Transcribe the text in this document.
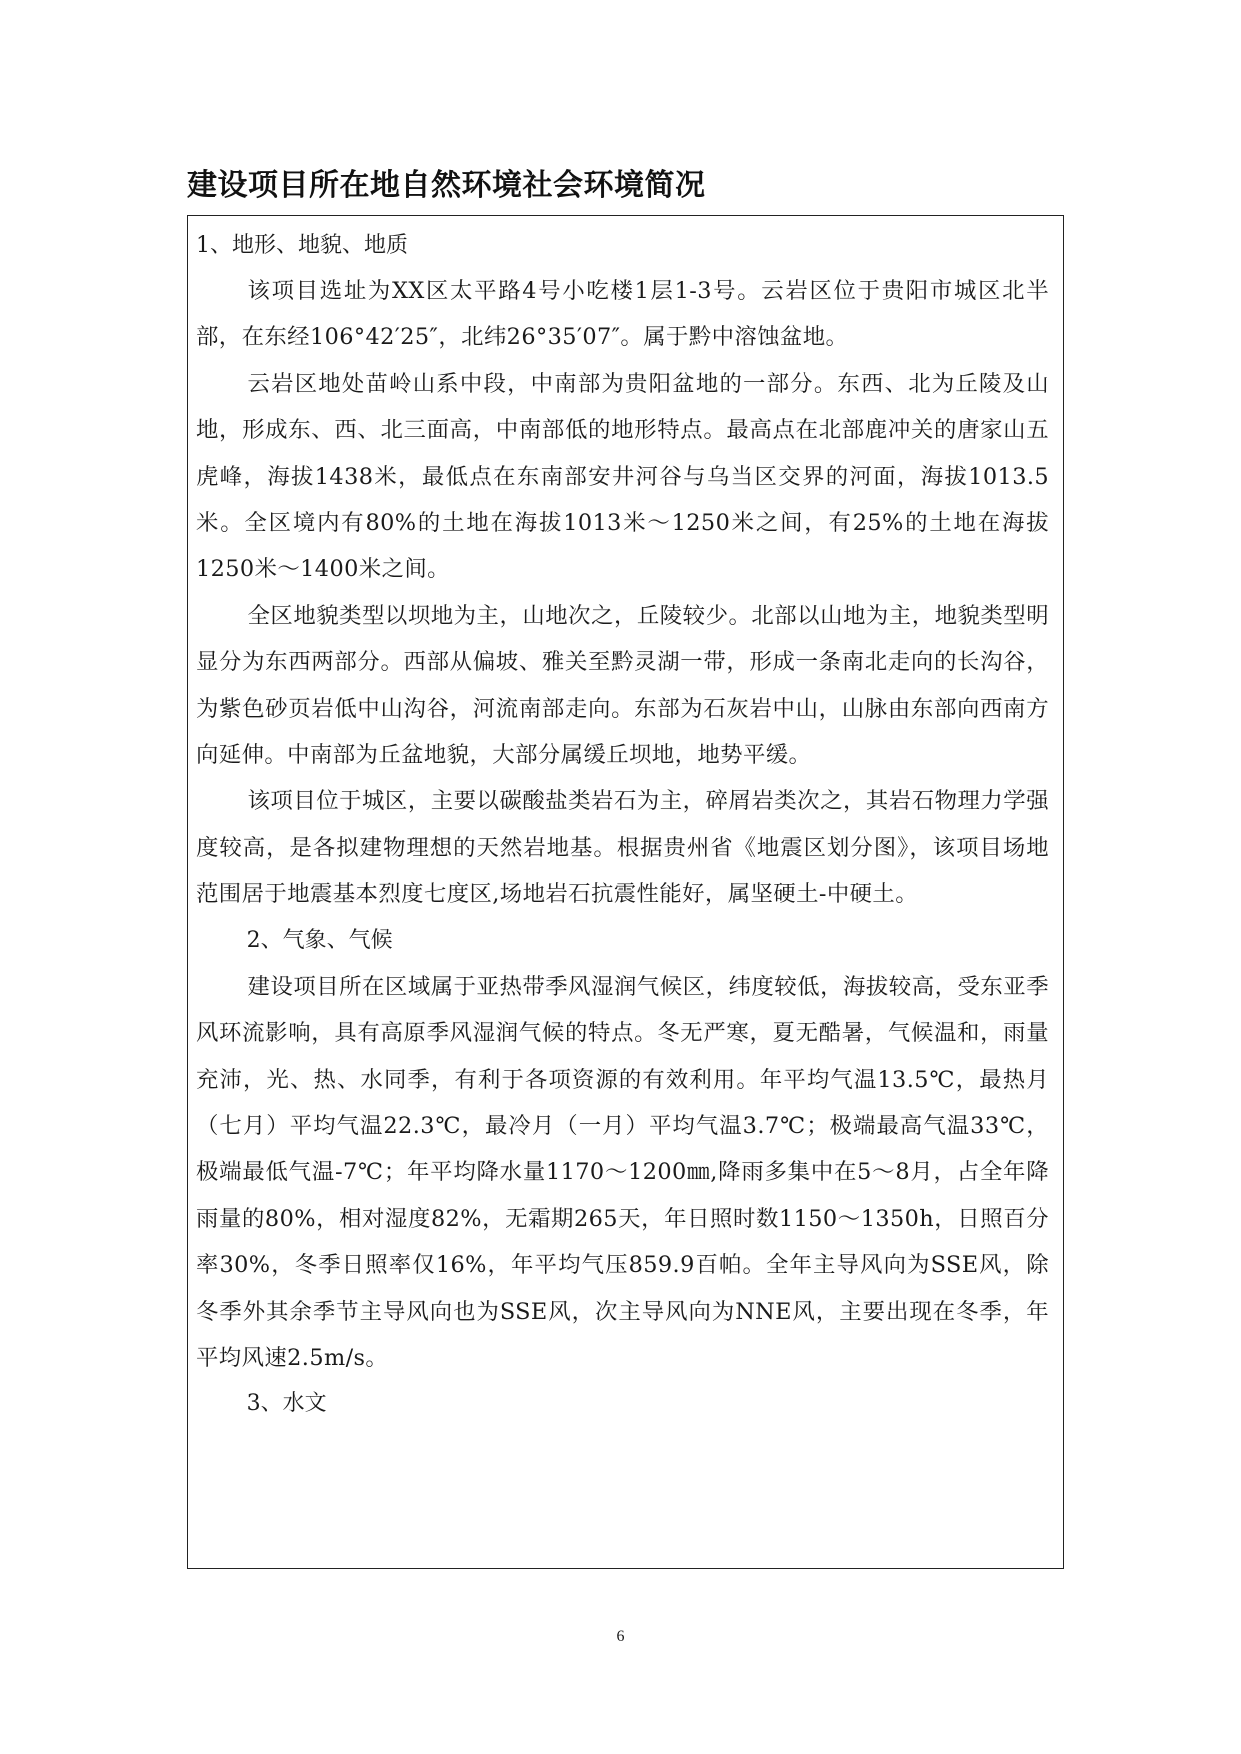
建设项目所在地自然环境社会环境简况

1、地形、地貌、地质

该项目选址为XX区太平路4号小吃楼1层1-3号。云岩区位于贵阳市城区北半部，在东经106°42′25″，北纬26°35′07″。属于黔中溶蚀盆地。

云岩区地处苗岭山系中段，中南部为贵阳盆地的一部分。东西、北为丘陵及山地，形成东、西、北三面高，中南部低的地形特点。最高点在北部鹿冲关的唐家山五虎峰，海拔1438米，最低点在东南部安井河谷与乌当区交界的河面，海拔1013.5米。全区境内有80%的土地在海拔1013米～1250米之间，有25%的土地在海拔1250米～1400米之间。

全区地貌类型以坝地为主，山地次之，丘陵较少。北部以山地为主，地貌类型明显分为东西两部分。西部从偏坡、雅关至黔灵湖一带，形成一条南北走向的长沟谷，为紫色砂页岩低中山沟谷，河流南部走向。东部为石灰岩中山，山脉由东部向西南方向延伸。中南部为丘盆地貌，大部分属缓丘坝地，地势平缓。

该项目位于城区，主要以碳酸盐类岩石为主，碎屑岩类次之，其岩石物理力学强度较高，是各拟建物理想的天然岩地基。根据贵州省《地震区划分图》，该项目场地范围居于地震基本烈度七度区,场地岩石抗震性能好，属坚硬土-中硬土。

2、气象、气候

建设项目所在区域属于亚热带季风湿润气候区，纬度较低，海拔较高，受东亚季风环流影响，具有高原季风湿润气候的特点。冬无严寒，夏无酷暑，气候温和，雨量充沛，光、热、水同季，有利于各项资源的有效利用。年平均气温13.5℃，最热月（七月）平均气温22.3℃，最冷月（一月）平均气温3.7℃；极端最高气温33℃，极端最低气温-7℃；年平均降水量1170～1200㎜,降雨多集中在5～8月，占全年降雨量的80%，相对湿度82%，无霜期265天，年日照时数1150～1350h，日照百分率30%，冬季日照率仅16%，年平均气压859.9百帕。全年主导风向为SSE风，除冬季外其余季节主导风向也为SSE风，次主导风向为NNE风，主要出现在冬季，年平均风速2.5m/s。

3、水文

6
